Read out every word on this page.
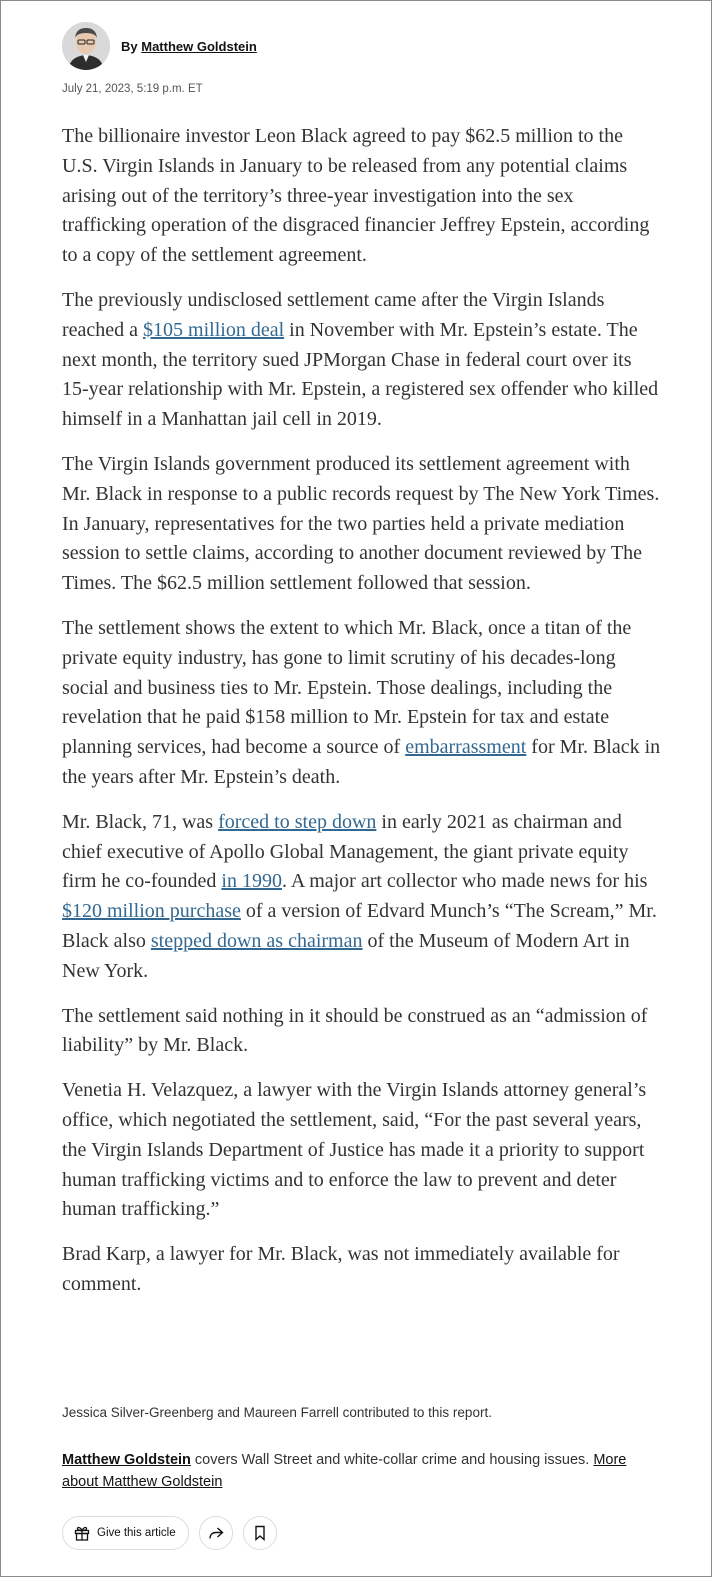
By Matthew Goldstein
July 21, 2023, 5:19 p.m. ET

The billionaire investor Leon Black agreed to pay $62.5 million to the U.S. Virgin Islands in January to be released from any potential claims arising out of the territory’s three-year investigation into the sex trafficking operation of the disgraced financier Jeffrey Epstein, according to a copy of the settlement agreement.

The previously undisclosed settlement came after the Virgin Islands reached a $105 million deal in November with Mr. Epstein’s estate. The next month, the territory sued JPMorgan Chase in federal court over its 15-year relationship with Mr. Epstein, a registered sex offender who killed himself in a Manhattan jail cell in 2019.

The Virgin Islands government produced its settlement agreement with Mr. Black in response to a public records request by The New York Times. In January, representatives for the two parties held a private mediation session to settle claims, according to another document reviewed by The Times. The $62.5 million settlement followed that session.

The settlement shows the extent to which Mr. Black, once a titan of the private equity industry, has gone to limit scrutiny of his decades-long social and business ties to Mr. Epstein. Those dealings, including the revelation that he paid $158 million to Mr. Epstein for tax and estate planning services, had become a source of embarrassment for Mr. Black in the years after Mr. Epstein’s death.

Mr. Black, 71, was forced to step down in early 2021 as chairman and chief executive of Apollo Global Management, the giant private equity firm he co-founded in 1990. A major art collector who made news for his $120 million purchase of a version of Edvard Munch’s “The Scream,” Mr. Black also stepped down as chairman of the Museum of Modern Art in New York.

The settlement said nothing in it should be construed as an “admission of liability” by Mr. Black.

Venetia H. Velazquez, a lawyer with the Virgin Islands attorney general’s office, which negotiated the settlement, said, “For the past several years, the Virgin Islands Department of Justice has made it a priority to support human trafficking victims and to enforce the law to prevent and deter human trafficking.”

Brad Karp, a lawyer for Mr. Black, was not immediately available for comment.

Jessica Silver-Greenberg and Maureen Farrell contributed to this report.
Matthew Goldstein covers Wall Street and white-collar crime and housing issues. More about Matthew Goldstein
Give this article
